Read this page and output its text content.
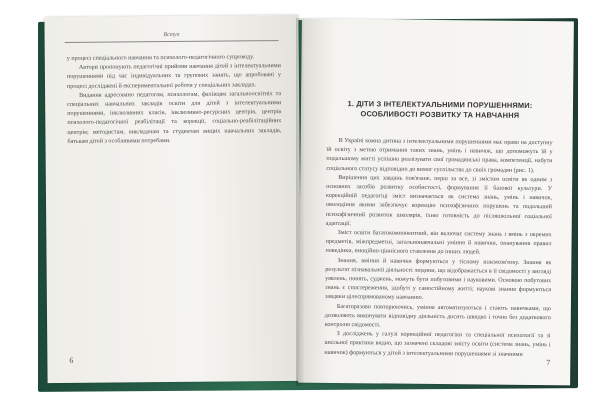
Вступ

у процесі спеціального навчання та психолого-педагогічного супроводу.

Автори пропонують педагогічні прийоми навчання дітей з інтелектуальними порушеннями під час індивідуальних та групових занять, що апробовані у процесі досліджені й експериментальної роботи у спеціальних закладах.

Видання адресовано педагогам, психологам, фахівцям загальноосвітніх та спеціальних навчальних закладів освіти для дітей з інтелектуальними порушеннями, інклюзивних класів, інклюзивно-ресурсних центрів, центрів психолого-педагогічної реабілітації та корекції, соціально-реабілітаційних центрів; методистам, викладачам та студентам вищих навчальних закладів, батькам дітей з особливими потребами.

6
1. ДІТИ З ІНТЕЛЕКТУАЛЬНИМИ ПОРУШЕННЯМИ: ОСОБЛИВОСТІ РОЗВИТКУ ТА НАВЧАННЯ

В Україні кожна дитина з інтелектуальними порушеннями має право на доступну їй освіту з метою отримання таких знань, умінь і навичок, що допоможуть їй у подальшому житті успішно реалізувати свої громадянські права, компетенції, набути соціального статусу відповідно до вимог суспільства до своїх громадян (рис. 1).

Вирішення цих завдань пов'язане, перш за все, зі змістом освіти як одним з основних засобів розвитку особистості, формування її базової культури. У корекційній педагогіці зміст визначається як система знань, умінь і навичок, оволодіння якими забезпечує корекцію психофізичних порушень та подальший психофізичний розвиток школярів, їхню готовність до післяшкільної соціальної адаптації.

Зміст освіти багатокомпонентний, він включає систему знань і вмінь з окремих предметів, міжпредметні, загальнонавчальні уміння й навички, опанування правил поведінки, емоційно-ціннісного ставлення до інших людей.

Знання, вміння й навички формуються у тісному взаємозв'язку. Знання як результат пізнавальної діяльності людини, що відображається в її свідомості у вигляді уявлень, понять, суджень, можуть бути побутовими і науковими. Основою побутових знань є спостереження, здобуті у самостійному житті; наукові знання формуються завдяки цілеспрямованому навчанню.

Багаторазово повторюючись, уміння автоматизуються і стають навичками, що дозволяють виконувати відповідну діяльність досить швидко і точно без додаткового контролю свідомості.

З досліджень у галузі корекційної педагогіки та спеціальної психології та зі шкільної практики видно, що зазначені складові змісту освіти (система знань, умінь і навичок) формуються у дітей з інтелектуальними порушеннями зі значними

7
